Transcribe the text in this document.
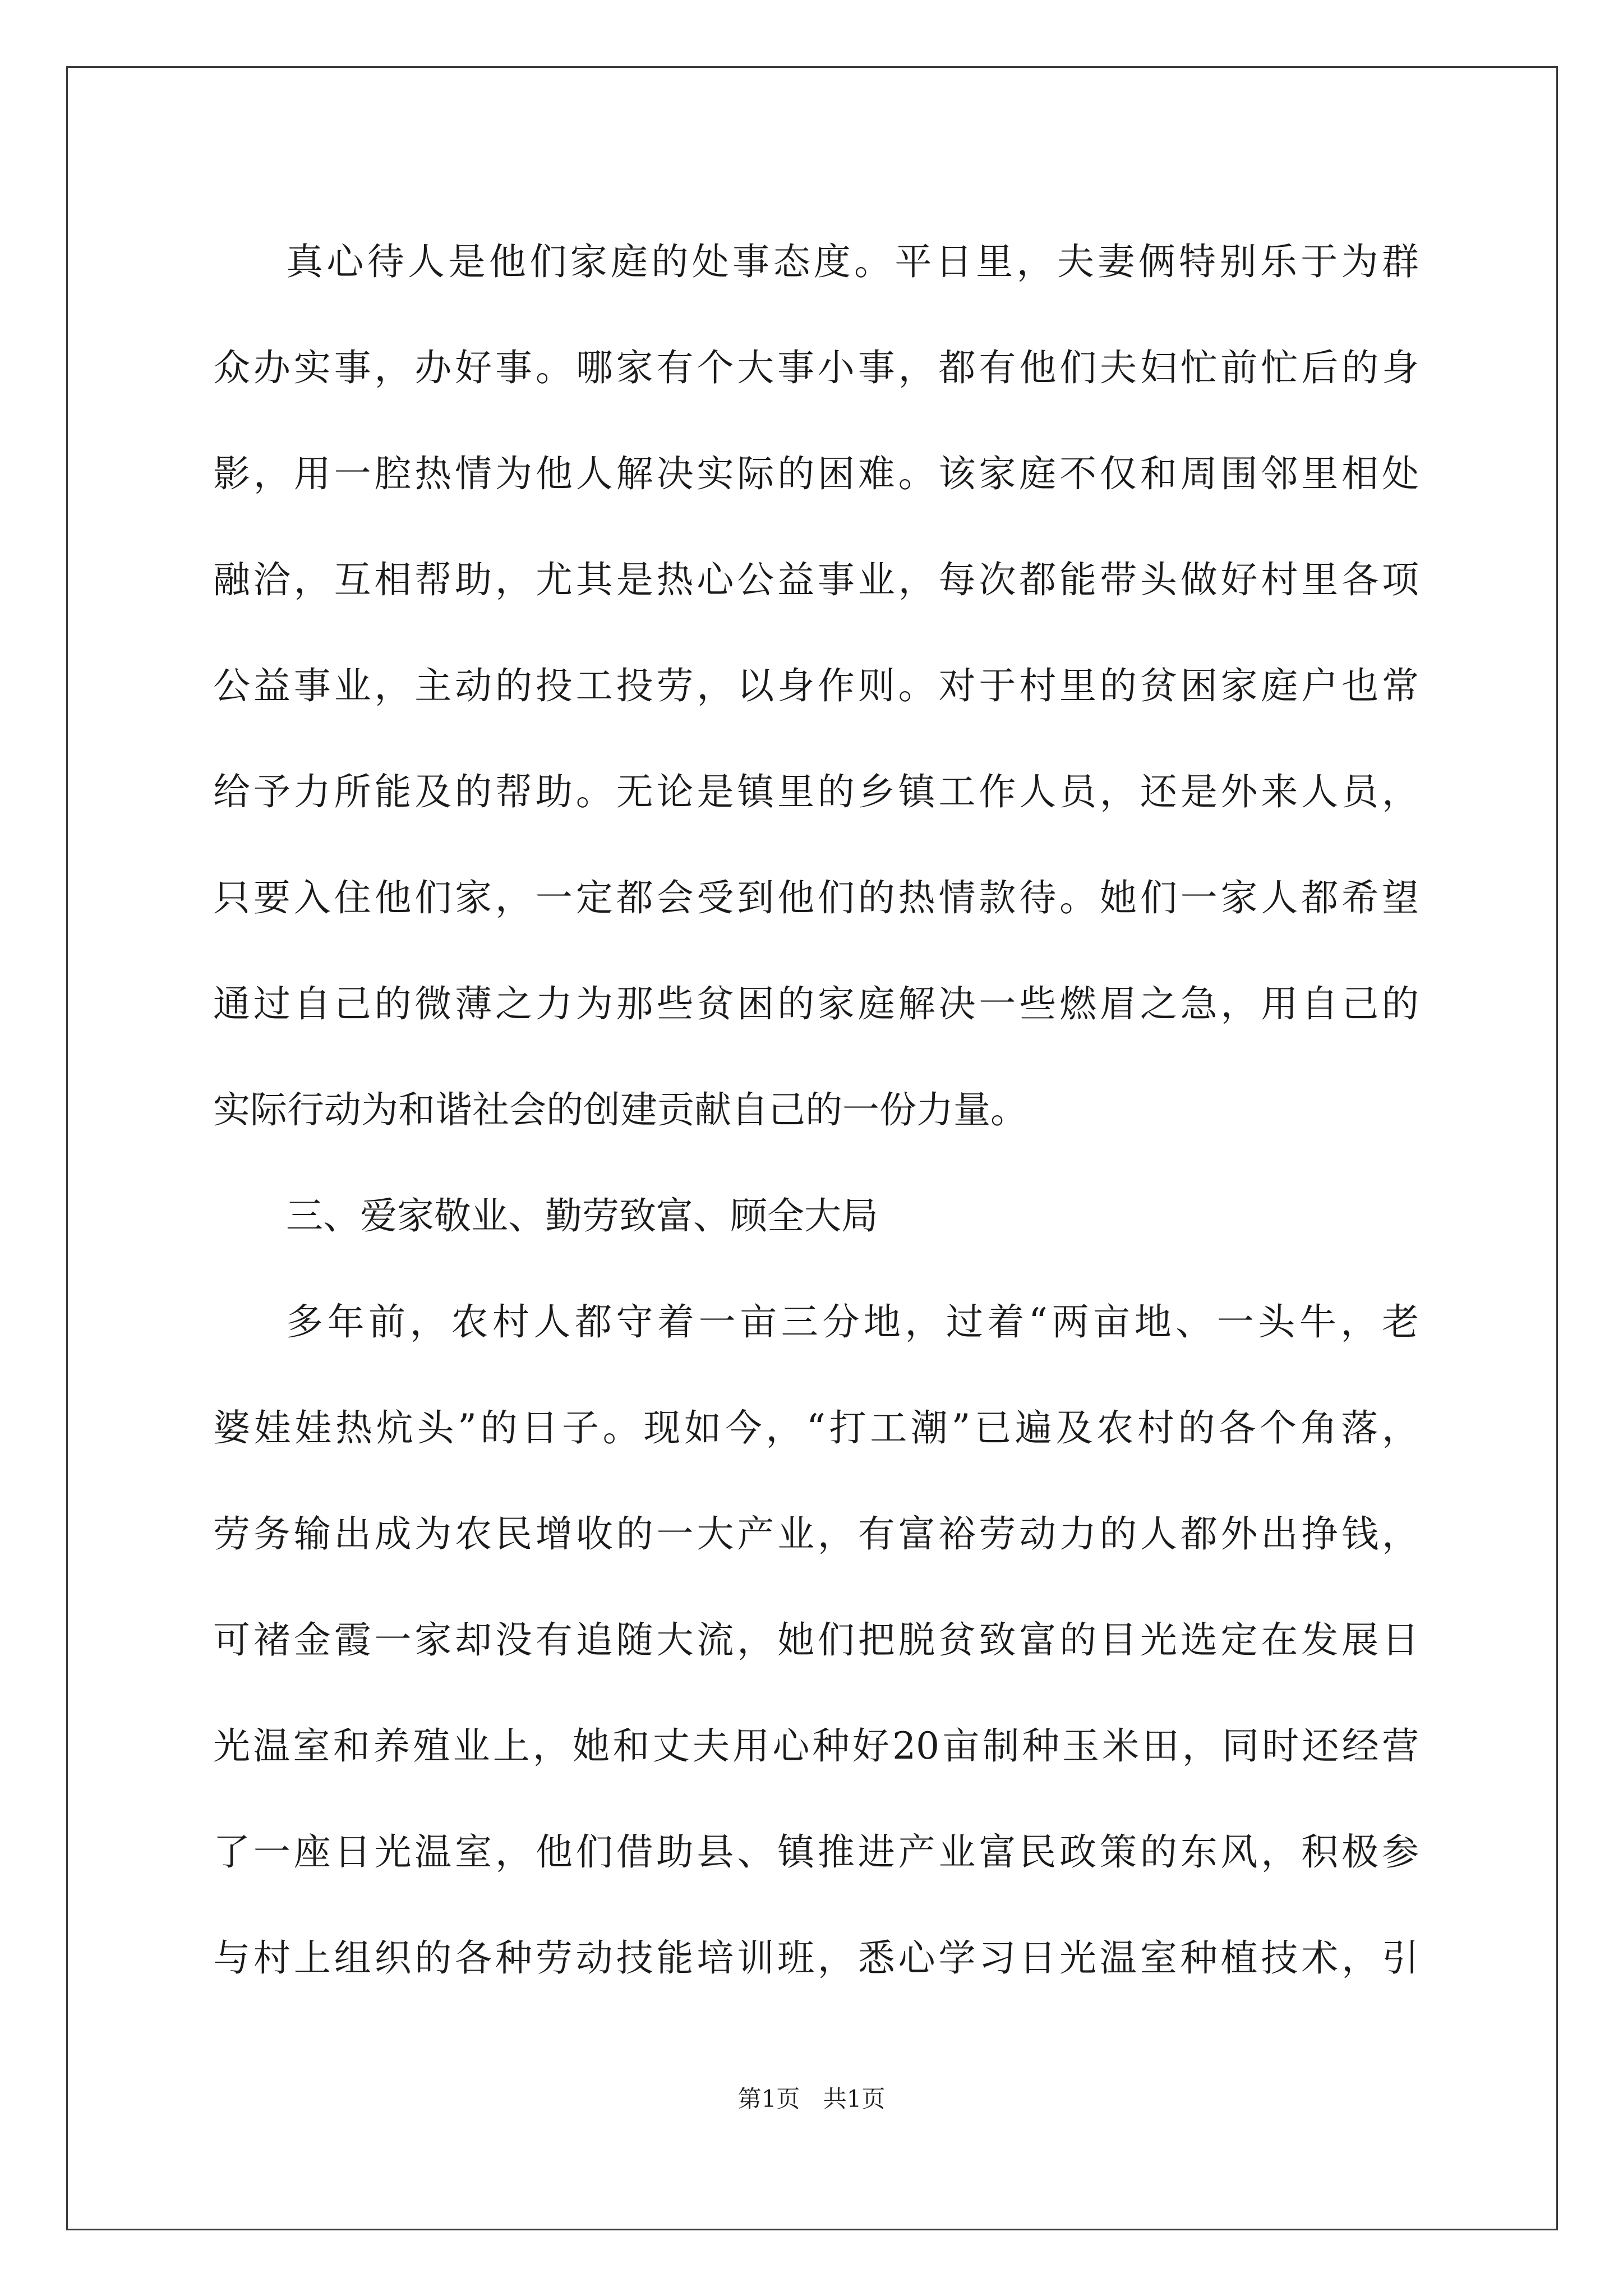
真心待人是他们家庭的处事态度。平日里，夫妻俩特别乐于为群
众办实事，办好事。哪家有个大事小事，都有他们夫妇忙前忙后的身
影，用一腔热情为他人解决实际的困难。该家庭不仅和周围邻里相处
融洽，互相帮助，尤其是热心公益事业，每次都能带头做好村里各项
公益事业，主动的投工投劳，以身作则。对于村里的贫困家庭户也常
给予力所能及的帮助。无论是镇里的乡镇工作人员，还是外来人员，
只要入住他们家，一定都会受到他们的热情款待。她们一家人都希望
通过自己的微薄之力为那些贫困的家庭解决一些燃眉之急，用自己的
实际行动为和谐社会的创建贡献自己的一份力量。
三、爱家敬业、勤劳致富、顾全大局
多年前，农村人都守着一亩三分地，过着“两亩地、一头牛，老
婆娃娃热炕头”的日子。现如今，“打工潮”已遍及农村的各个角落，
劳务输出成为农民增收的一大产业，有富裕劳动力的人都外出挣钱，
可褚金霞一家却没有追随大流，她们把脱贫致富的目光选定在发展日
光温室和养殖业上，她和丈夫用心种好20亩制种玉米田，同时还经营
了一座日光温室，他们借助县、镇推进产业富民政策的东风，积极参
与村上组织的各种劳动技能培训班，悉心学习日光温室种植技术，引
第1页 共1页
